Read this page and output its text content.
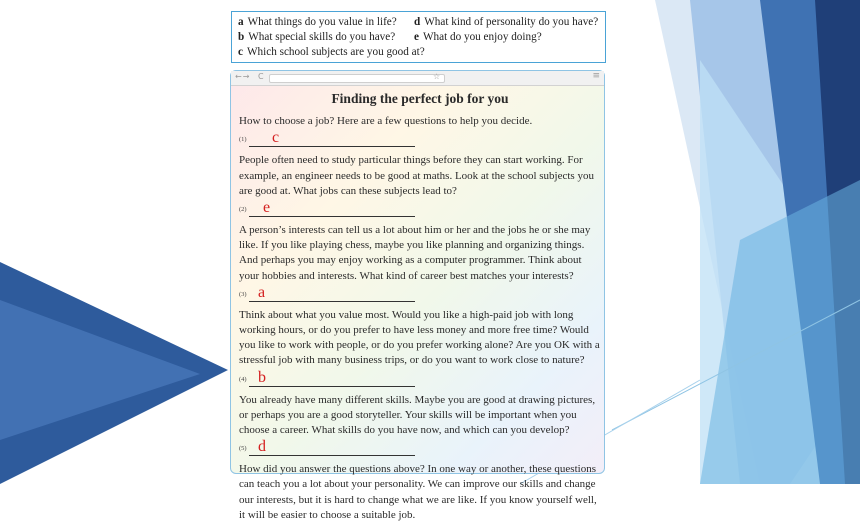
a What things do you value in life? d What kind of personality do you have?
b What special skills do you have? e What do you enjoy doing?
c Which school subjects are you good at?
←→ C	☆	≡
Finding the perfect job for you

How to choose a job? Here are a few questions to help you decide.

(1) c

People often need to study particular things before they can start working. For example, an engineer needs to be good at maths. Look at the school subjects you are good at. What jobs can these subjects lead to?

(2) e

A person’s interests can tell us a lot about him or her and the jobs he or she may like. If you like playing chess, maybe you like planning and organizing things. And perhaps you may enjoy working as a computer programmer. Think about your hobbies and interests. What kind of career best matches your interests?

(3) a

Think about what you value most. Would you like a high-paid job with long working hours, or do you prefer to have less money and more free time? Would you like to work with people, or do you prefer working alone? Are you OK with a stressful job with many business trips, or do you want to work close to nature?

(4) b

You already have many different skills. Maybe you are good at drawing pictures, or perhaps you are a good storyteller. Your skills will be important when you choose a career. What skills do you have now, and which can you develop?

(5) d

How did you answer the questions above? In one way or another, these questions can teach you a lot about your personality. We can improve our skills and change our interests, but it is hard to change what we are like. If you know yourself well, it will be easier to choose a suitable job.
